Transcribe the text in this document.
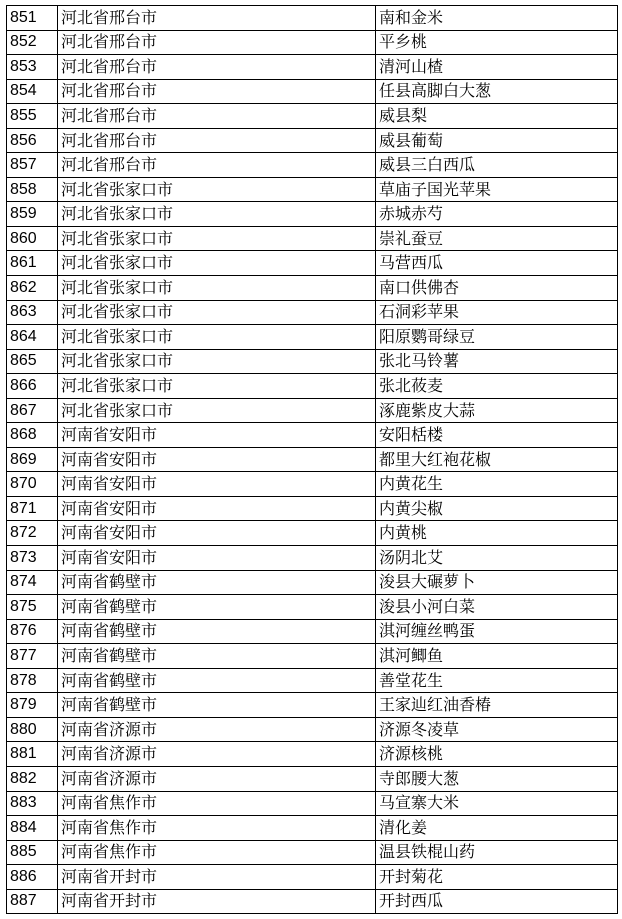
851	河北省邢台市	南和金米
852	河北省邢台市	平乡桃
853	河北省邢台市	清河山楂
854	河北省邢台市	任县高脚白大葱
855	河北省邢台市	威县梨
856	河北省邢台市	威县葡萄
857	河北省邢台市	威县三白西瓜
858	河北省张家口市	草庙子国光苹果
859	河北省张家口市	赤城赤芍
860	河北省张家口市	崇礼蚕豆
861	河北省张家口市	马营西瓜
862	河北省张家口市	南口供佛杏
863	河北省张家口市	石洞彩苹果
864	河北省张家口市	阳原鹦哥绿豆
865	河北省张家口市	张北马铃薯
866	河北省张家口市	张北莜麦
867	河北省张家口市	涿鹿紫皮大蒜
868	河南省安阳市	安阳栝楼
869	河南省安阳市	都里大红袍花椒
870	河南省安阳市	内黄花生
871	河南省安阳市	内黄尖椒
872	河南省安阳市	内黄桃
873	河南省安阳市	汤阴北艾
874	河南省鹤壁市	浚县大碾萝卜
875	河南省鹤壁市	浚县小河白菜
876	河南省鹤壁市	淇河缠丝鸭蛋
877	河南省鹤壁市	淇河鲫鱼
878	河南省鹤壁市	善堂花生
879	河南省鹤壁市	王家辿红油香椿
880	河南省济源市	济源冬凌草
881	河南省济源市	济源核桃
882	河南省济源市	寺郎腰大葱
883	河南省焦作市	马宣寨大米
884	河南省焦作市	清化姜
885	河南省焦作市	温县铁棍山药
886	河南省开封市	开封菊花
887	河南省开封市	开封西瓜
